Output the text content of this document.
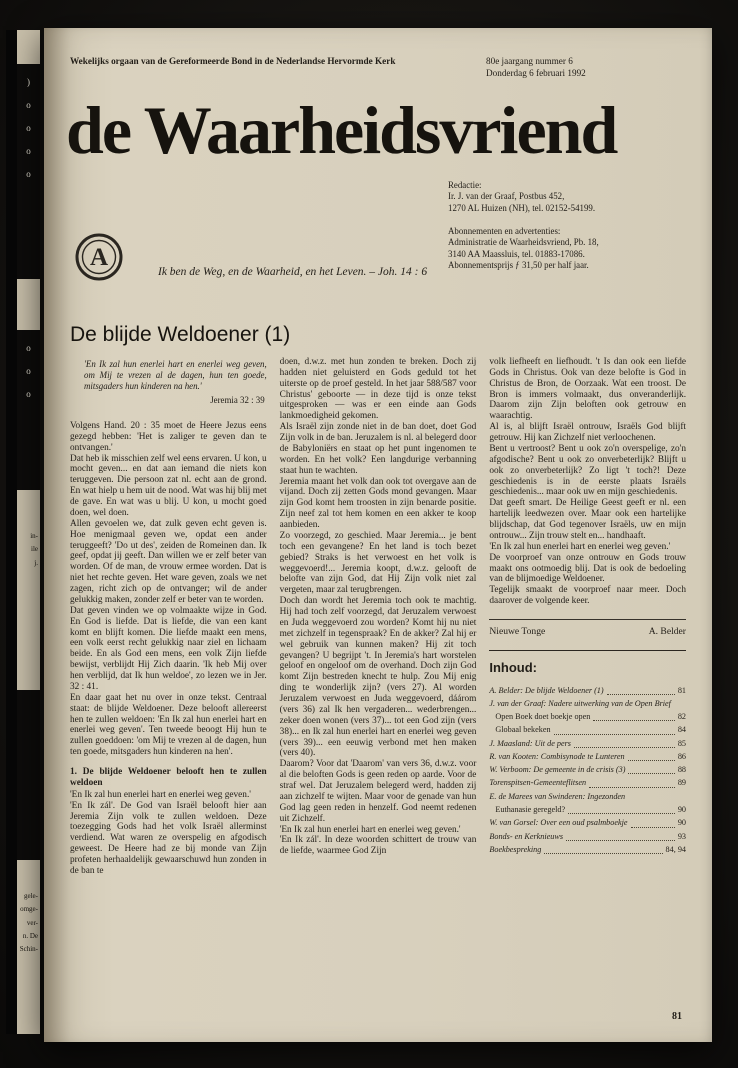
)
o
o
o
o
o
o
o
in-
ile
j.
gele-
omge-
ver-
n. De
Schin-
Wekelijks orgaan van de Gereformeerde Bond in de Nederlandse Hervormde Kerk	80e jaargang nummer 6
Donderdag 6 februari 1992
de Waarheidsvriend
A
Ik ben de Weg, en de Waarheid, en het Leven. – Joh. 14 : 6
Redactie:
Ir. J. van der Graaf, Postbus 452,
1270 AL Huizen (NH), tel. 02152-54199.
Abonnementen en advertenties:
Administratie de Waarheidsvriend, Pb. 18,
3140 AA Maassluis, tel. 01883-17086.
Abonnementsprijs ƒ 31,50 per half jaar.
De blijde Weldoener (1)

'En Ik zal hun enerlei hart en enerlei weg geven, om Mij te vrezen al de dagen, hun ten goede, mitsgaders hun kinderen na hen.'

Jeremia 32 : 39

Volgens Hand. 20 : 35 moet de Heere Jezus eens gezegd hebben: 'Het is zaliger te geven dan te ontvangen.'

Dat heb ik misschien zelf wel eens ervaren. U kon, u mocht geven... en dat aan iemand die niets kon teruggeven. Die persoon zat nl. echt aan de grond. En wat hielp u hem uit de nood. Wat was hij blij met de gave. En wat was u blij. U kon, u mocht goed doen, wel doen.

Allen gevoelen we, dat zulk geven echt geven is. Hoe menigmaal geven we, opdat een ander teruggeeft? 'Do ut des', zeiden de Romeinen dan. Ik geef, opdat jij geeft. Dan willen we er zelf beter van worden. Of de man, de vrouw ermee worden. Dat is niet het rechte geven. Het ware geven, zoals we net zagen, richt zich op de ontvanger; wil de ander gelukkig maken, zonder zelf er beter van te worden.

Dat geven vinden we op volmaakte wijze in God. En God is liefde. Dat is liefde, die van een kant komt en blijft komen. Die liefde maakt een mens, een volk eerst recht gelukkig naar ziel en lichaam beide. En als God een mens, een volk Zijn liefde bewijst, verblijdt Hij Zich daarin. 'Ik heb Mij over hen verblijd, dat Ik hun weldoe', zo lezen we in Jer. 32 : 41.

En daar gaat het nu over in onze tekst. Centraal staat: de blijde Weldoener. Deze belooft allereerst hen te zullen weldoen: 'En Ik zal hun enerlei hart en enerlei weg geven'. Ten tweede beoogt Hij hun te zullen goeddoen: 'om Mij te vrezen al de dagen, hun ten goede, mitsgaders hun kinderen na hen'.

1. De blijde Weldoener belooft hen te zullen weldoen

'En Ik zal hun enerlei hart en enerlei weg geven.'

'En Ik zál'. De God van Israël belooft hier aan Jeremia Zijn volk te zullen weldoen. Deze toezegging Gods had het volk Israël allerminst verdiend. Wat waren ze overspelig en afgodisch geweest. De Heere had ze bij monde van Zijn profeten herhaaldelijk gewaarschuwd hun zonden in de ban te

doen, d.w.z. met hun zonden te breken. Doch zij hadden niet geluisterd en Gods geduld tot het uiterste op de proef gesteld. In het jaar 588/587 voor Christus' geboorte — in deze tijd is onze tekst uitgesproken — was er een einde aan Gods lankmoedigheid gekomen.

Als Israël zijn zonde niet in de ban doet, doet God Zijn volk in de ban. Jeruzalem is nl. al belegerd door de Babyloniërs en staat op het punt ingenomen te worden. En het volk? Een langdurige verbanning staat hun te wachten.

Jeremia maant het volk dan ook tot overgave aan de vijand. Doch zij zetten Gods mond gevangen. Maar zijn God komt hem troosten in zijn benarde positie. Zijn neef zal tot hem komen en een akker te koop aanbieden.

Zo voorzegd, zo geschied. Maar Jeremia... je bent toch een gevangene? En het land is toch bezet gebied? Straks is het verwoest en het volk is weggevoerd!... Jeremia koopt, d.w.z. gelooft de belofte van zijn God, dat Hij Zijn volk niet zal vergeten, maar zal terugbrengen.

Doch dan wordt het Jeremia toch ook te machtig. Hij had toch zelf voorzegd, dat Jeruzalem verwoest en Juda weggevoerd zou worden? Komt hij nu niet met zichzelf in tegenspraak? En de akker? Zal hij er wel gebruik van kunnen maken? Hij zit toch gevangen? U begrijpt 't. In Jeremia's hart worstelen geloof en ongeloof om de overhand. Doch zijn God komt Zijn bestreden knecht te hulp. Zou Mij enig ding te wonderlijk zijn? (vers 27). Al worden Jeruzalem verwoest en Juda weggevoerd, dáárom (vers 36) zal Ik hen vergaderen... wederbrengen... zeker doen wonen (vers 37)... tot een God zijn (vers 38)... en Ik zal hun enerlei hart en enerlei weg geven (vers 39)... een eeuwig verbond met hen maken (vers 40).

Daarom? Voor dat 'Daarom' van vers 36, d.w.z. voor al die beloften Gods is geen reden op aarde. Voor de straf wel. Dat Jeruzalem belegerd werd, hadden zij aan zichzelf te wijten. Maar voor de genade van hun God lag geen reden in henzelf. God neemt redenen uit Zichzelf.

'En Ik zal hun enerlei hart en enerlei weg geven.'

'En Ik zál'. In deze woorden schittert de trouw van de liefde, waarmee God Zijn

volk liefheeft en liefhoudt. 't Is dan ook een liefde Gods in Christus. Ook van deze belofte is God in Christus de Bron, de Oorzaak. Wat een troost. De Bron is immers volmaakt, dus onveranderlijk. Daarom zijn Zijn beloften ook getrouw en waarachtig.

Al is, al blijft Israël ontrouw, Israëls God blijft getrouw. Hij kan Zichzelf niet verloochenen.

Bent u vertroost? Bent u ook zo'n overspelige, zo'n afgodische? Bent u ook zo onverbeterlijk? Blijft u ook zo onverbeterlijk? Zo ligt 't toch?! Deze geschiedenis is in de eerste plaats Israëls geschiedenis... maar ook uw en mijn geschiedenis.

Dat geeft smart. De Heilige Geest geeft er nl. een hartelijk leedwezen over. Maar ook een hartelijke blijdschap, dat God tegenover Israëls, uw en mijn ontrouw... Zijn trouw stelt en... handhaaft.

'En Ik zal hun enerlei hart en enerlei weg geven.'

De voorproef van onze ontrouw en Gods trouw maakt ons ootmoedig blij. Dat is ook de bedoeling van de blijmoedige Weldoener.

Tegelijk smaakt de voorproef naar meer. Doch daarover de volgende keer.

Nieuwe Tonge	A. Belder
Inhoud:
A. Belder: De blijde Weldoener (1)	81
J. van der Graaf: Nadere uitwerking van de Open Brief
Open Boek doet boekje open	82
Globaal bekeken	84
J. Maasland: Uit de pers	85
R. van Kooten: Combisynode te Lunteren	86
W. Verboom: De gemeente in de crisis (3)	88
Torenspitsen-Gemeenteflitsen	89
E. de Marees van Swinderen: Ingezonden
Euthanasie geregeld?	90
W. van Gorsel: Over een oud psalmboekje	90
Bonds- en Kerknieuws	93
Boekbespreking	84, 94
81
